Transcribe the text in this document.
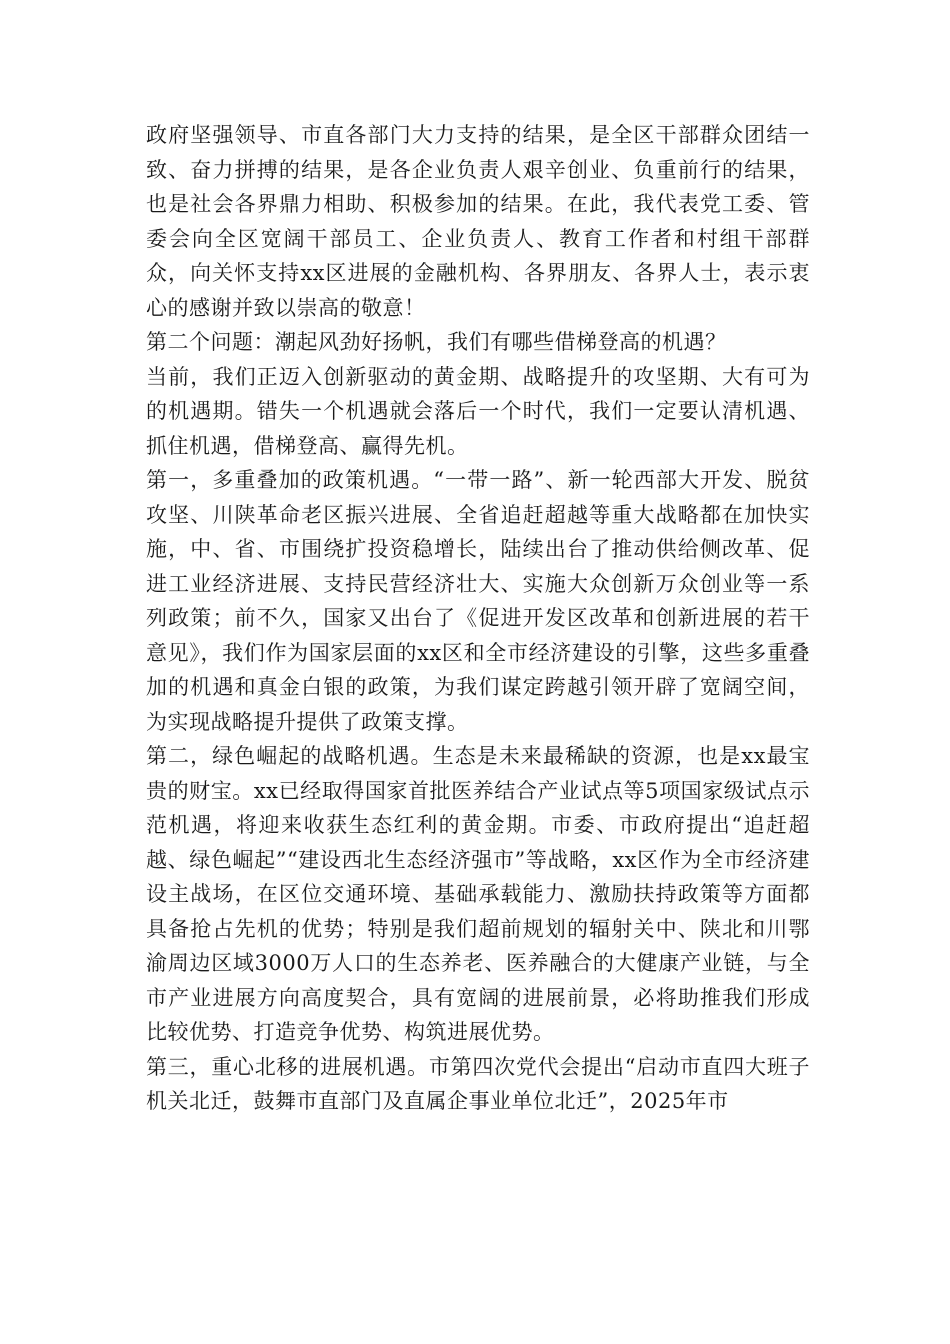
政府坚强领导、市直各部门大力支持的结果，是全区干部群众团结一致、奋力拼搏的结果，是各企业负责人艰辛创业、负重前行的结果，也是社会各界鼎力相助、积极参加的结果。在此，我代表党工委、管委会向全区宽阔干部员工、企业负责人、教育工作者和村组干部群众，向关怀支持xx区进展的金融机构、各界朋友、各界人士，表示衷心的感谢并致以崇高的敬意！

第二个问题：潮起风劲好扬帆，我们有哪些借梯登高的机遇？

当前，我们正迈入创新驱动的黄金期、战略提升的攻坚期、大有可为的机遇期。错失一个机遇就会落后一个时代，我们一定要认清机遇、抓住机遇，借梯登高、赢得先机。

第一，多重叠加的政策机遇。“一带一路”、新一轮西部大开发、脱贫攻坚、川陕革命老区振兴进展、全省追赶超越等重大战略都在加快实施，中、省、市围绕扩投资稳增长，陆续出台了推动供给侧改革、促进工业经济进展、支持民营经济壮大、实施大众创新万众创业等一系列政策；前不久，国家又出台了《促进开发区改革和创新进展的若干意见》，我们作为国家层面的xx区和全市经济建设的引擎，这些多重叠加的机遇和真金白银的政策，为我们谋定跨越引领开辟了宽阔空间，为实现战略提升提供了政策支撑。

第二，绿色崛起的战略机遇。生态是未来最稀缺的资源，也是xx最宝贵的财宝。xx已经取得国家首批医养结合产业试点等5项国家级试点示范机遇，将迎来收获生态红利的黄金期。市委、市政府提出“追赶超越、绿色崛起”“建设西北生态经济强市”等战略，xx区作为全市经济建设主战场，在区位交通环境、基础承载能力、激励扶持政策等方面都具备抢占先机的优势；特别是我们超前规划的辐射关中、陕北和川鄂渝周边区域3000万人口的生态养老、医养融合的大健康产业链，与全市产业进展方向高度契合，具有宽阔的进展前景，必将助推我们形成比较优势、打造竞争优势、构筑进展优势。

第三，重心北移的进展机遇。市第四次党代会提出“启动市直四大班子机关北迁，鼓舞市直部门及直属企事业单位北迁”，2025年市
